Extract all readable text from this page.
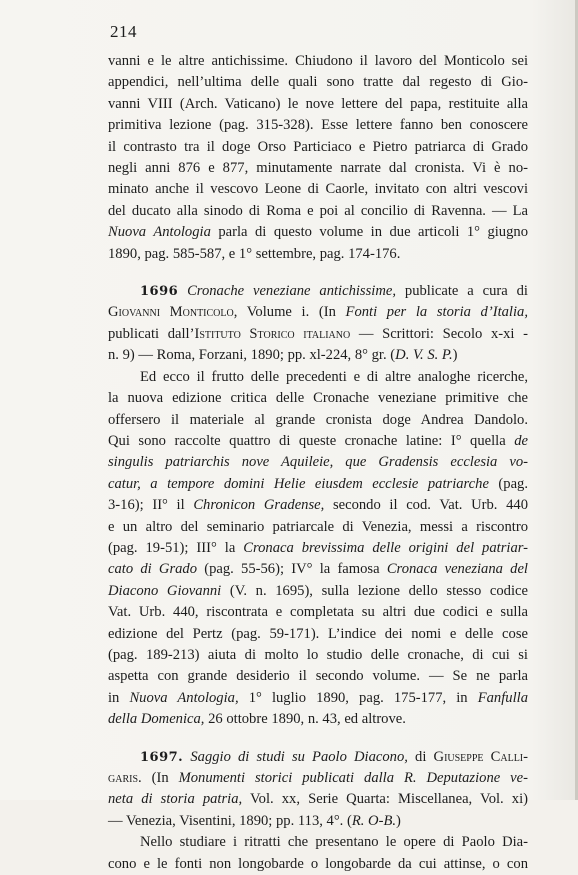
214
vanni e le altre antichissime. Chiudono il lavoro del Monticolo sei
appendici, nell’ultima delle quali sono tratte dal regesto di Gio-
vanni VIII (Arch. Vaticano) le nove lettere del papa, restituite alla
primitiva lezione (pag. 315-328). Esse lettere fanno ben conoscere
il contrasto tra il doge Orso Particiaco e Pietro patriarca di Grado
negli anni 876 e 877, minutamente narrate dal cronista. Vi è no-
minato anche il vescovo Leone di Caorle, invitato con altri vescovi
del ducato alla sinodo di Roma e poi al concilio di Ravenna. — La
Nuova Antologia parla di questo volume in due articoli 1° giugno
1890, pag. 585-587, e 1° settembre, pag. 174-176.
1696 Cronache veneziane antichissime, publicate a cura di
Giovanni Monticolo, Volume i. (In Fonti per la storia d’Italia,
publicati dall’Istituto Storico italiano — Scrittori: Secolo x-xi -
n. 9) — Roma, Forzani, 1890; pp. xl-224, 8° gr. (D. V. S. P.)
Ed ecco il frutto delle precedenti e di altre analoghe ricerche,
la nuova edizione critica delle Cronache veneziane primitive che
offersero il materiale al grande cronista doge Andrea Dandolo.
Qui sono raccolte quattro di queste cronache latine: I° quella de
singulis patriarchis nove Aquileie, que Gradensis ecclesia vo-
catur, a tempore domini Helie eiusdem ecclesie patriarche (pag.
3-16); II° il Chronicon Gradense, secondo il cod. Vat. Urb. 440
e un altro del seminario patriarcale di Venezia, messi a riscontro
(pag. 19-51); III° la Cronaca brevissima delle origini del patriar-
cato di Grado (pag. 55-56); IV° la famosa Cronaca veneziana del
Diacono Giovanni (V. n. 1695), sulla lezione dello stesso codice
Vat. Urb. 440, riscontrata e completata su altri due codici e sulla
edizione del Pertz (pag. 59-171). L’indice dei nomi e delle cose
(pag. 189-213) aiuta di molto lo studio delle cronache, di cui si
aspetta con grande desiderio il secondo volume. — Se ne parla
in Nuova Antologia, 1° luglio 1890, pag. 175-177, in Fanfulla
della Domenica, 26 ottobre 1890, n. 43, ed altrove.
1697. Saggio di studi su Paolo Diacono, di Giuseppe Calli-
garis. (In Monumenti storici publicati dalla R. Deputazione ve-
neta di storia patria, Vol. xx, Serie Quarta: Miscellanea, Vol. xi)
— Venezia, Visentini, 1890; pp. 113, 4°. (R. O-B.)
Nello studiare i ritratti che presentano le opere di Paolo Dia-
cono e le fonti non longobarde o longobarde da cui attinse, o con
